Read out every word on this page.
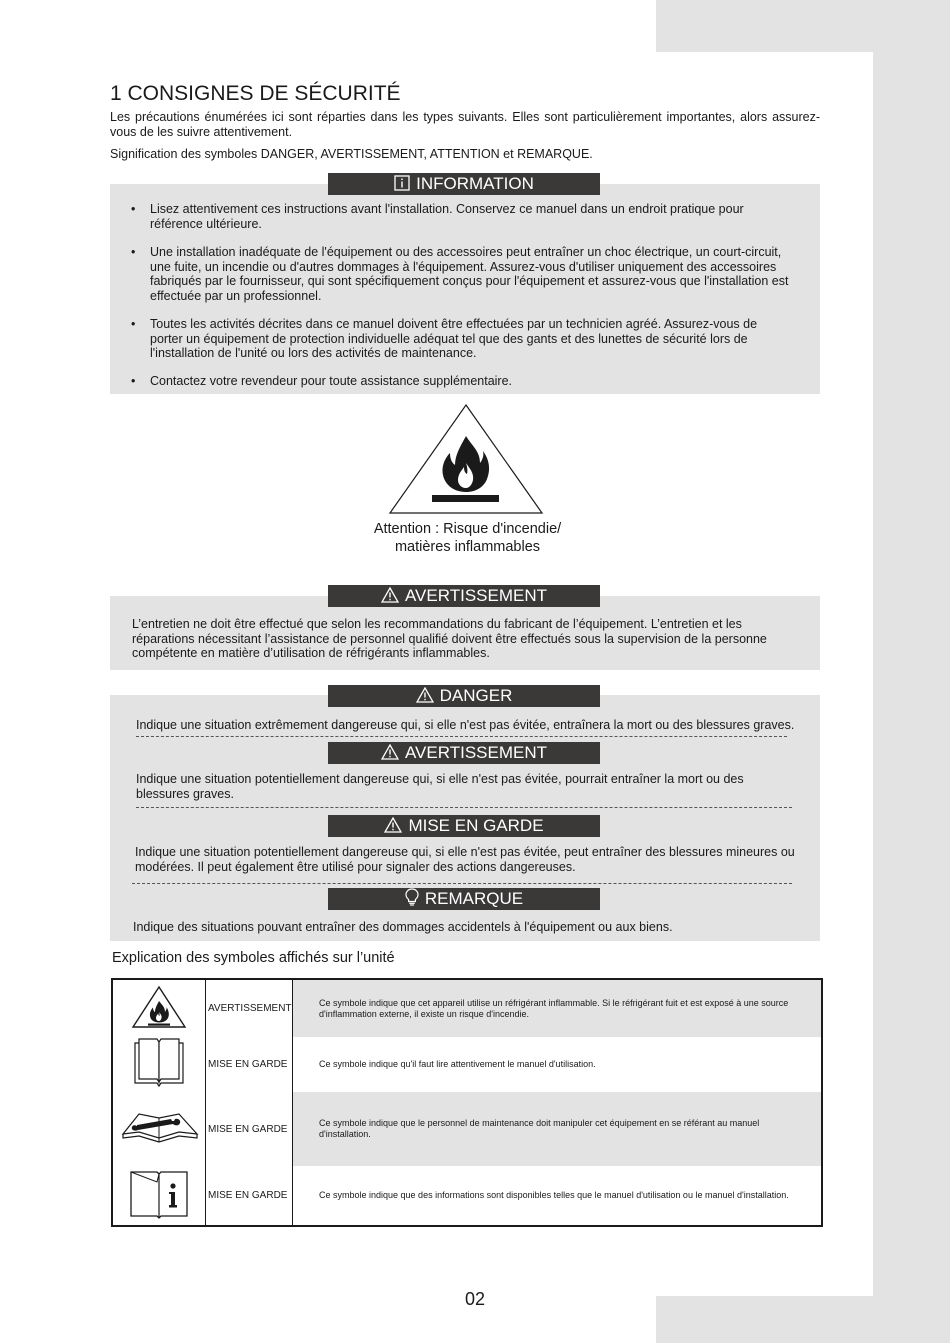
1 CONSIGNES DE SÉCURITÉ

Les précautions énumérées ici sont réparties dans les types suivants. Elles sont particulièrement importantes, alors assurez-vous de les suivre attentivement.

Signification des symboles DANGER, AVERTISSEMENT, ATTENTION et REMARQUE.

INFORMATION
•	Lisez attentivement ces instructions avant l'installation. Conservez ce manuel dans un endroit pratique pour référence ultérieure.
•	Une installation inadéquate de l'équipement ou des accessoires peut entraîner un choc électrique, un court-circuit, une fuite, un incendie ou d'autres dommages à l'équipement. Assurez-vous d'utiliser uniquement des accessoires fabriqués par le fournisseur, qui sont spécifiquement conçus pour l'équipement et assurez-vous que l'installation est effectuée par un professionnel.
•	Toutes les activités décrites dans ce manuel doivent être effectuées par un technicien agréé. Assurez-vous de porter un équipement de protection individuelle adéquat tel que des gants et des lunettes de sécurité lors de l'installation de l'unité ou lors des activités de maintenance.
•	Contactez votre revendeur pour toute assistance supplémentaire.
Attention : Risque d'incendie/
matières inflammables
AVERTISSEMENT

L’entretien ne doit être effectué que selon les recommandations du fabricant de l’équipement. L’entretien et les réparations nécessitant l’assistance de personnel qualifié doivent être effectués sous la supervision de la personne compétente en matière d’utilisation de réfrigérants inflammables.

DANGER

Indique une situation extrêmement dangereuse qui, si elle n'est pas évitée, entraînera la mort ou des blessures graves.

AVERTISSEMENT

Indique une situation potentiellement dangereuse qui, si elle n'est pas évitée, pourrait entraîner la mort ou des blessures graves.

MISE EN GARDE

Indique une situation potentiellement dangereuse qui, si elle n'est pas évitée, peut entraîner des blessures mineures ou modérées. Il peut également être utilisé pour signaler des actions dangereuses.

REMARQUE

Indique des situations pouvant entraîner des dommages accidentels à l'équipement ou aux biens.

Explication des symboles affichés sur l’unité
	AVERTISSEMENT	Ce symbole indique que cet appareil utilise un réfrigérant inflammable. Si le réfrigérant fuit et est exposé à une source d'inflammation externe, il existe un risque d'incendie.
	MISE EN GARDE	Ce symbole indique qu'il faut lire attentivement le manuel d'utilisation.
	MISE EN GARDE	Ce symbole indique que le personnel de maintenance doit manipuler cet équipement en se référant au manuel d'installation.
	MISE EN GARDE	Ce symbole indique que des informations sont disponibles telles que le manuel d'utilisation ou le manuel d'installation.
02
